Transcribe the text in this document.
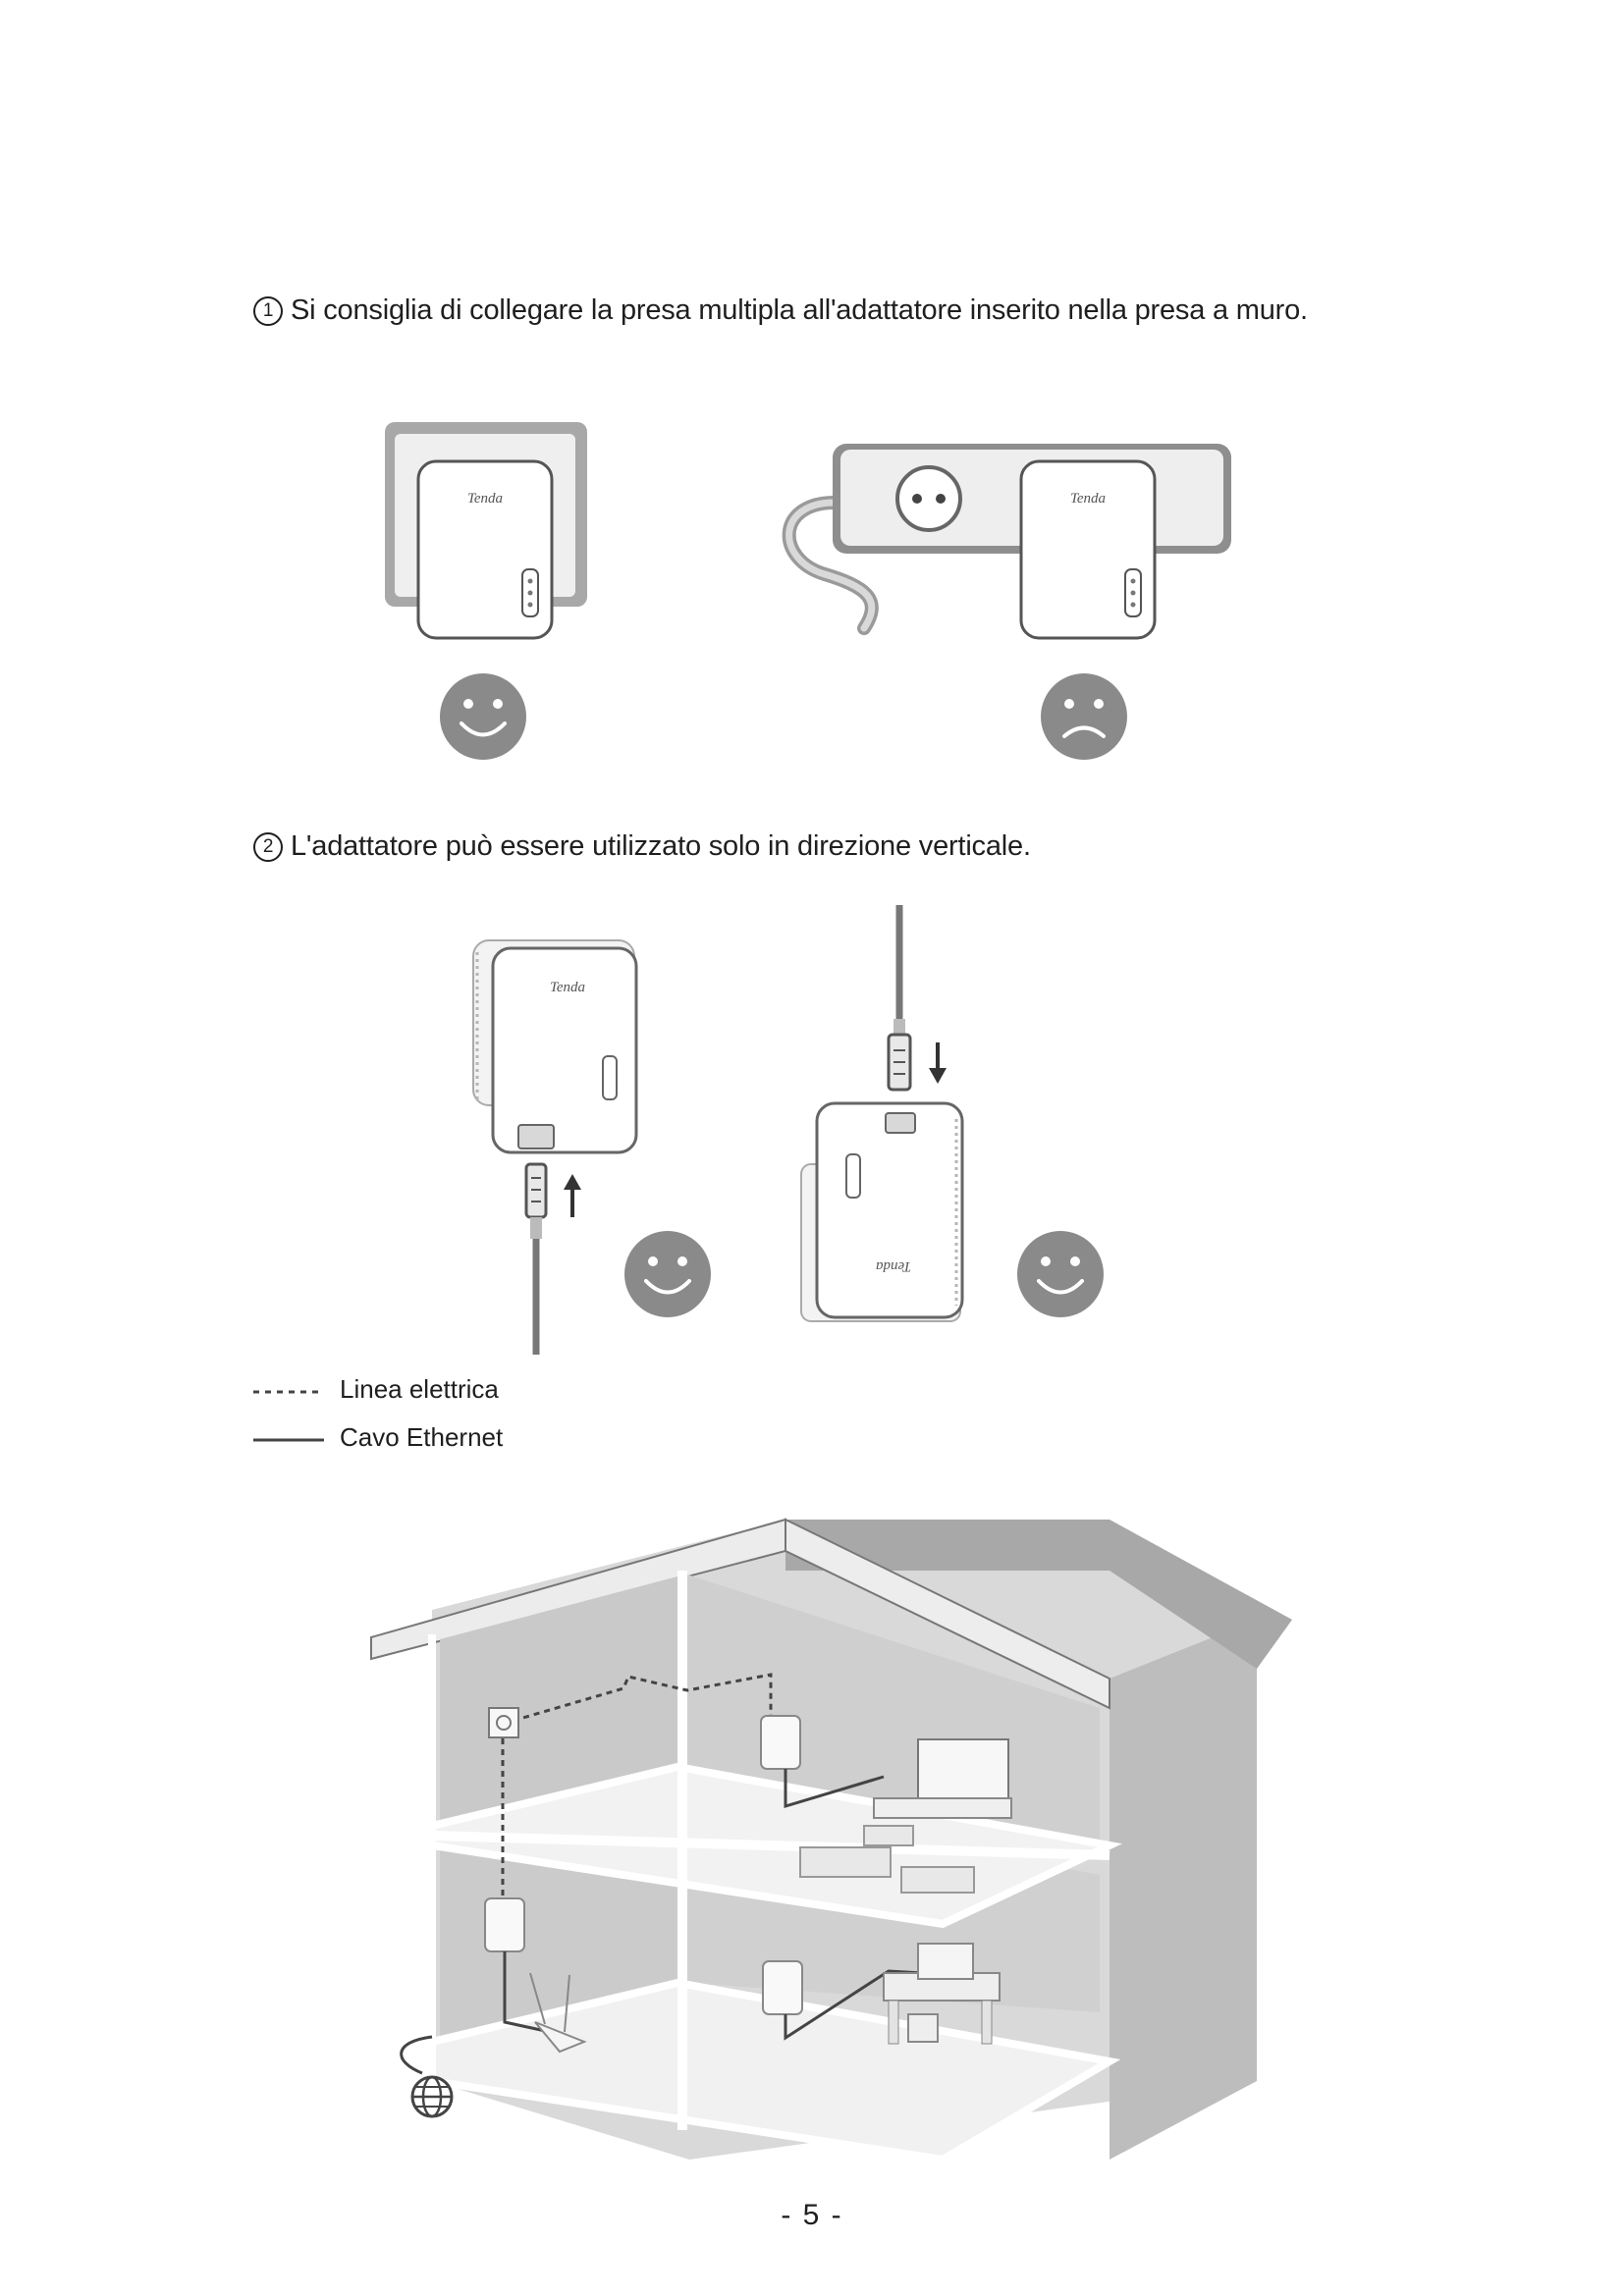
1 Si consiglia di collegare la presa multipla all'adattatore inserito nella presa a muro.
Tenda	Tenda
Tenda
Tenda
2 L'adattatore può essere utilizzato solo in direzione verticale.
Linea elettrica
Cavo Ethernet
- 5 -
